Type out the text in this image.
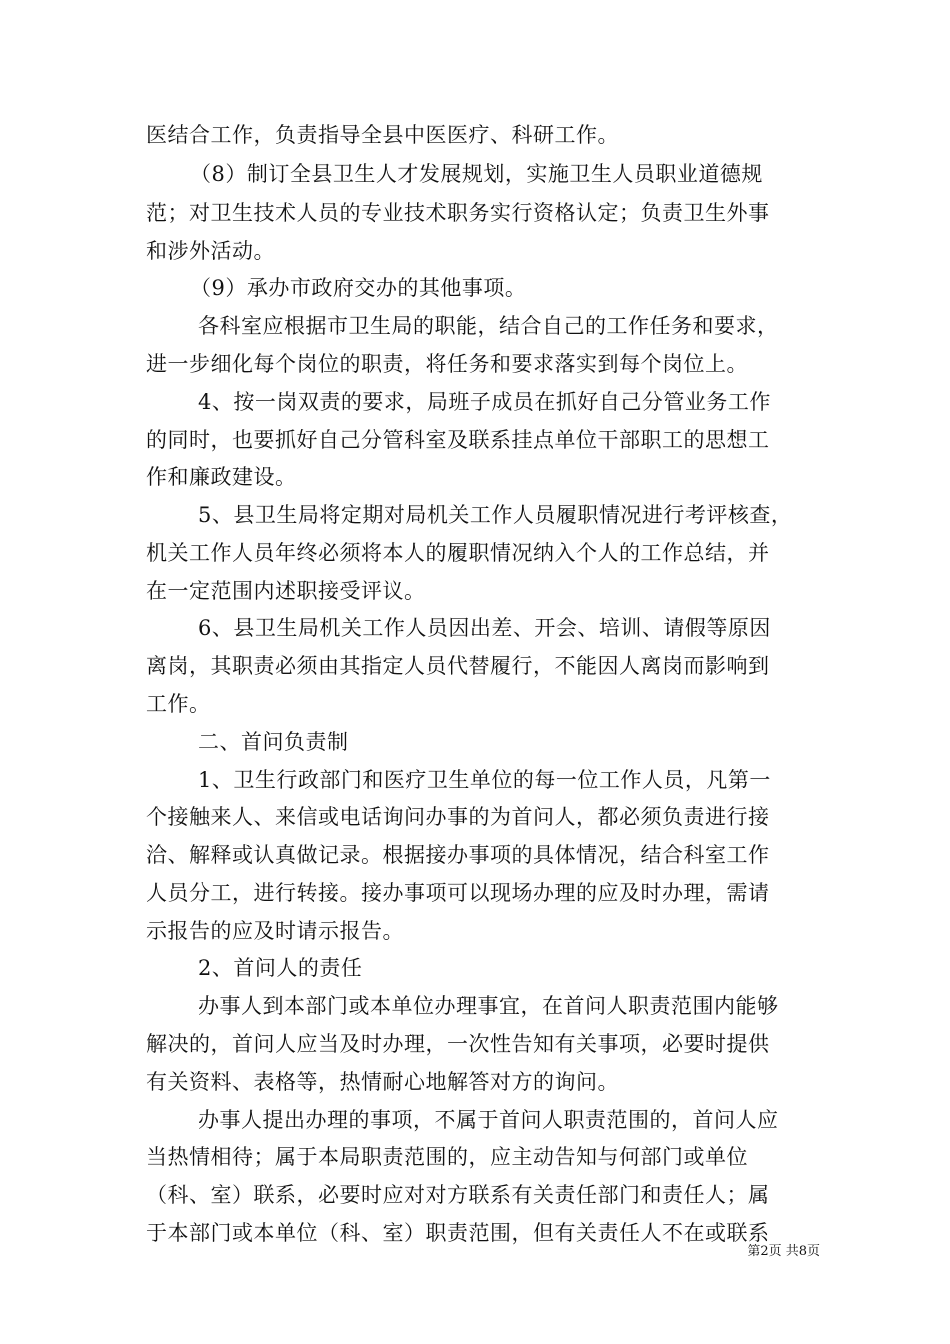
医结合工作，负责指导全县中医医疗、科研工作。
（8）制订全县卫生人才发展规划，实施卫生人员职业道德规
范；对卫生技术人员的专业技术职务实行资格认定；负责卫生外事
和涉外活动。
（9）承办市政府交办的其他事项。
各科室应根据市卫生局的职能，结合自己的工作任务和要求，
进一步细化每个岗位的职责，将任务和要求落实到每个岗位上。
4、按一岗双责的要求，局班子成员在抓好自己分管业务工作
的同时，也要抓好自己分管科室及联系挂点单位干部职工的思想工
作和廉政建设。
5、县卫生局将定期对局机关工作人员履职情况进行考评核查，
机关工作人员年终必须将本人的履职情况纳入个人的工作总结，并
在一定范围内述职接受评议。
6、县卫生局机关工作人员因出差、开会、培训、请假等原因
离岗，其职责必须由其指定人员代替履行，不能因人离岗而影响到
工作。
二、首问负责制
1、卫生行政部门和医疗卫生单位的每一位工作人员，凡第一
个接触来人、来信或电话询问办事的为首问人，都必须负责进行接
洽、解释或认真做记录。根据接办事项的具体情况，结合科室工作
人员分工，进行转接。接办事项可以现场办理的应及时办理，需请
示报告的应及时请示报告。
2、首问人的责任
办事人到本部门或本单位办理事宜，在首问人职责范围内能够
解决的，首问人应当及时办理，一次性告知有关事项，必要时提供
有关资料、表格等，热情耐心地解答对方的询问。
办事人提出办理的事项，不属于首问人职责范围的，首问人应
当热情相待；属于本局职责范围的，应主动告知与何部门或单位
（科、室）联系，必要时应对对方联系有关责任部门和责任人；属
于本部门或本单位（科、室）职责范围，但有关责任人不在或联系
第2页 共8页
